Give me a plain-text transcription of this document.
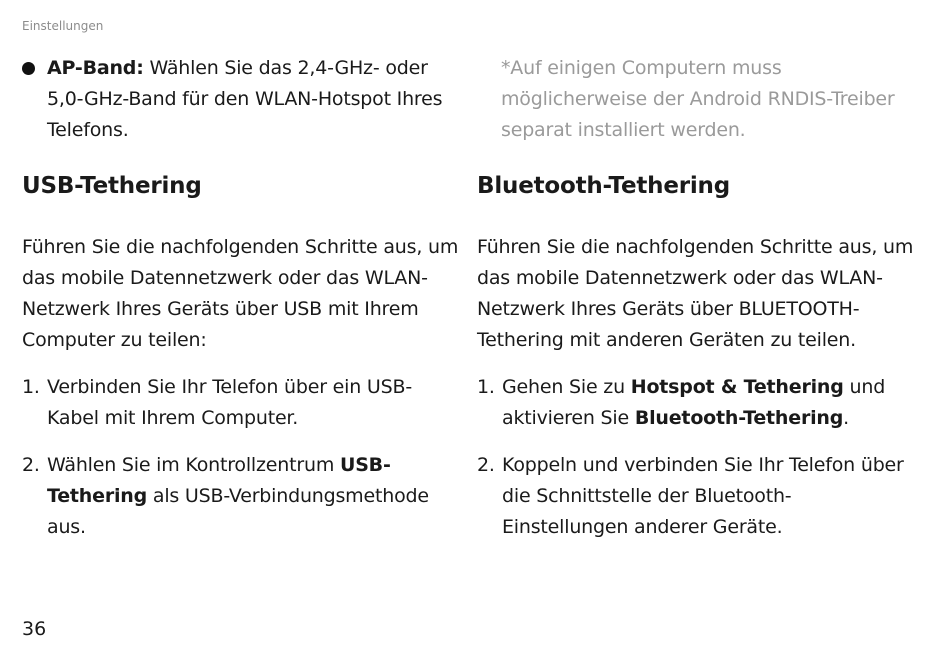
Einstellungen

AP-Band: Wählen Sie das 2,4-GHz- oder 5,0-GHz-Band für den WLAN-Hotspot Ihres Telefons.

USB-Tethering

Führen Sie die nachfolgenden Schritte aus, um das mobile Datennetzwerk oder das WLAN-Netzwerk Ihres Geräts über USB mit Ihrem Computer zu teilen:

1. Verbinden Sie Ihr Telefon über ein USB-Kabel mit Ihrem Computer.

2. Wählen Sie im Kontrollzentrum USB-Tethering als USB-Verbindungsmethode aus.

*Auf einigen Computern muss möglicherweise der Android RNDIS-Treiber separat installiert werden.

Bluetooth-Tethering

Führen Sie die nachfolgenden Schritte aus, um das mobile Datennetzwerk oder das WLAN-Netzwerk Ihres Geräts über BLUETOOTH-Tethering mit anderen Geräten zu teilen.

1. Gehen Sie zu Hotspot & Tethering und aktivieren Sie Bluetooth-Tethering.

2. Koppeln und verbinden Sie Ihr Telefon über die Schnittstelle der Bluetooth-Einstellungen anderer Geräte.

36
